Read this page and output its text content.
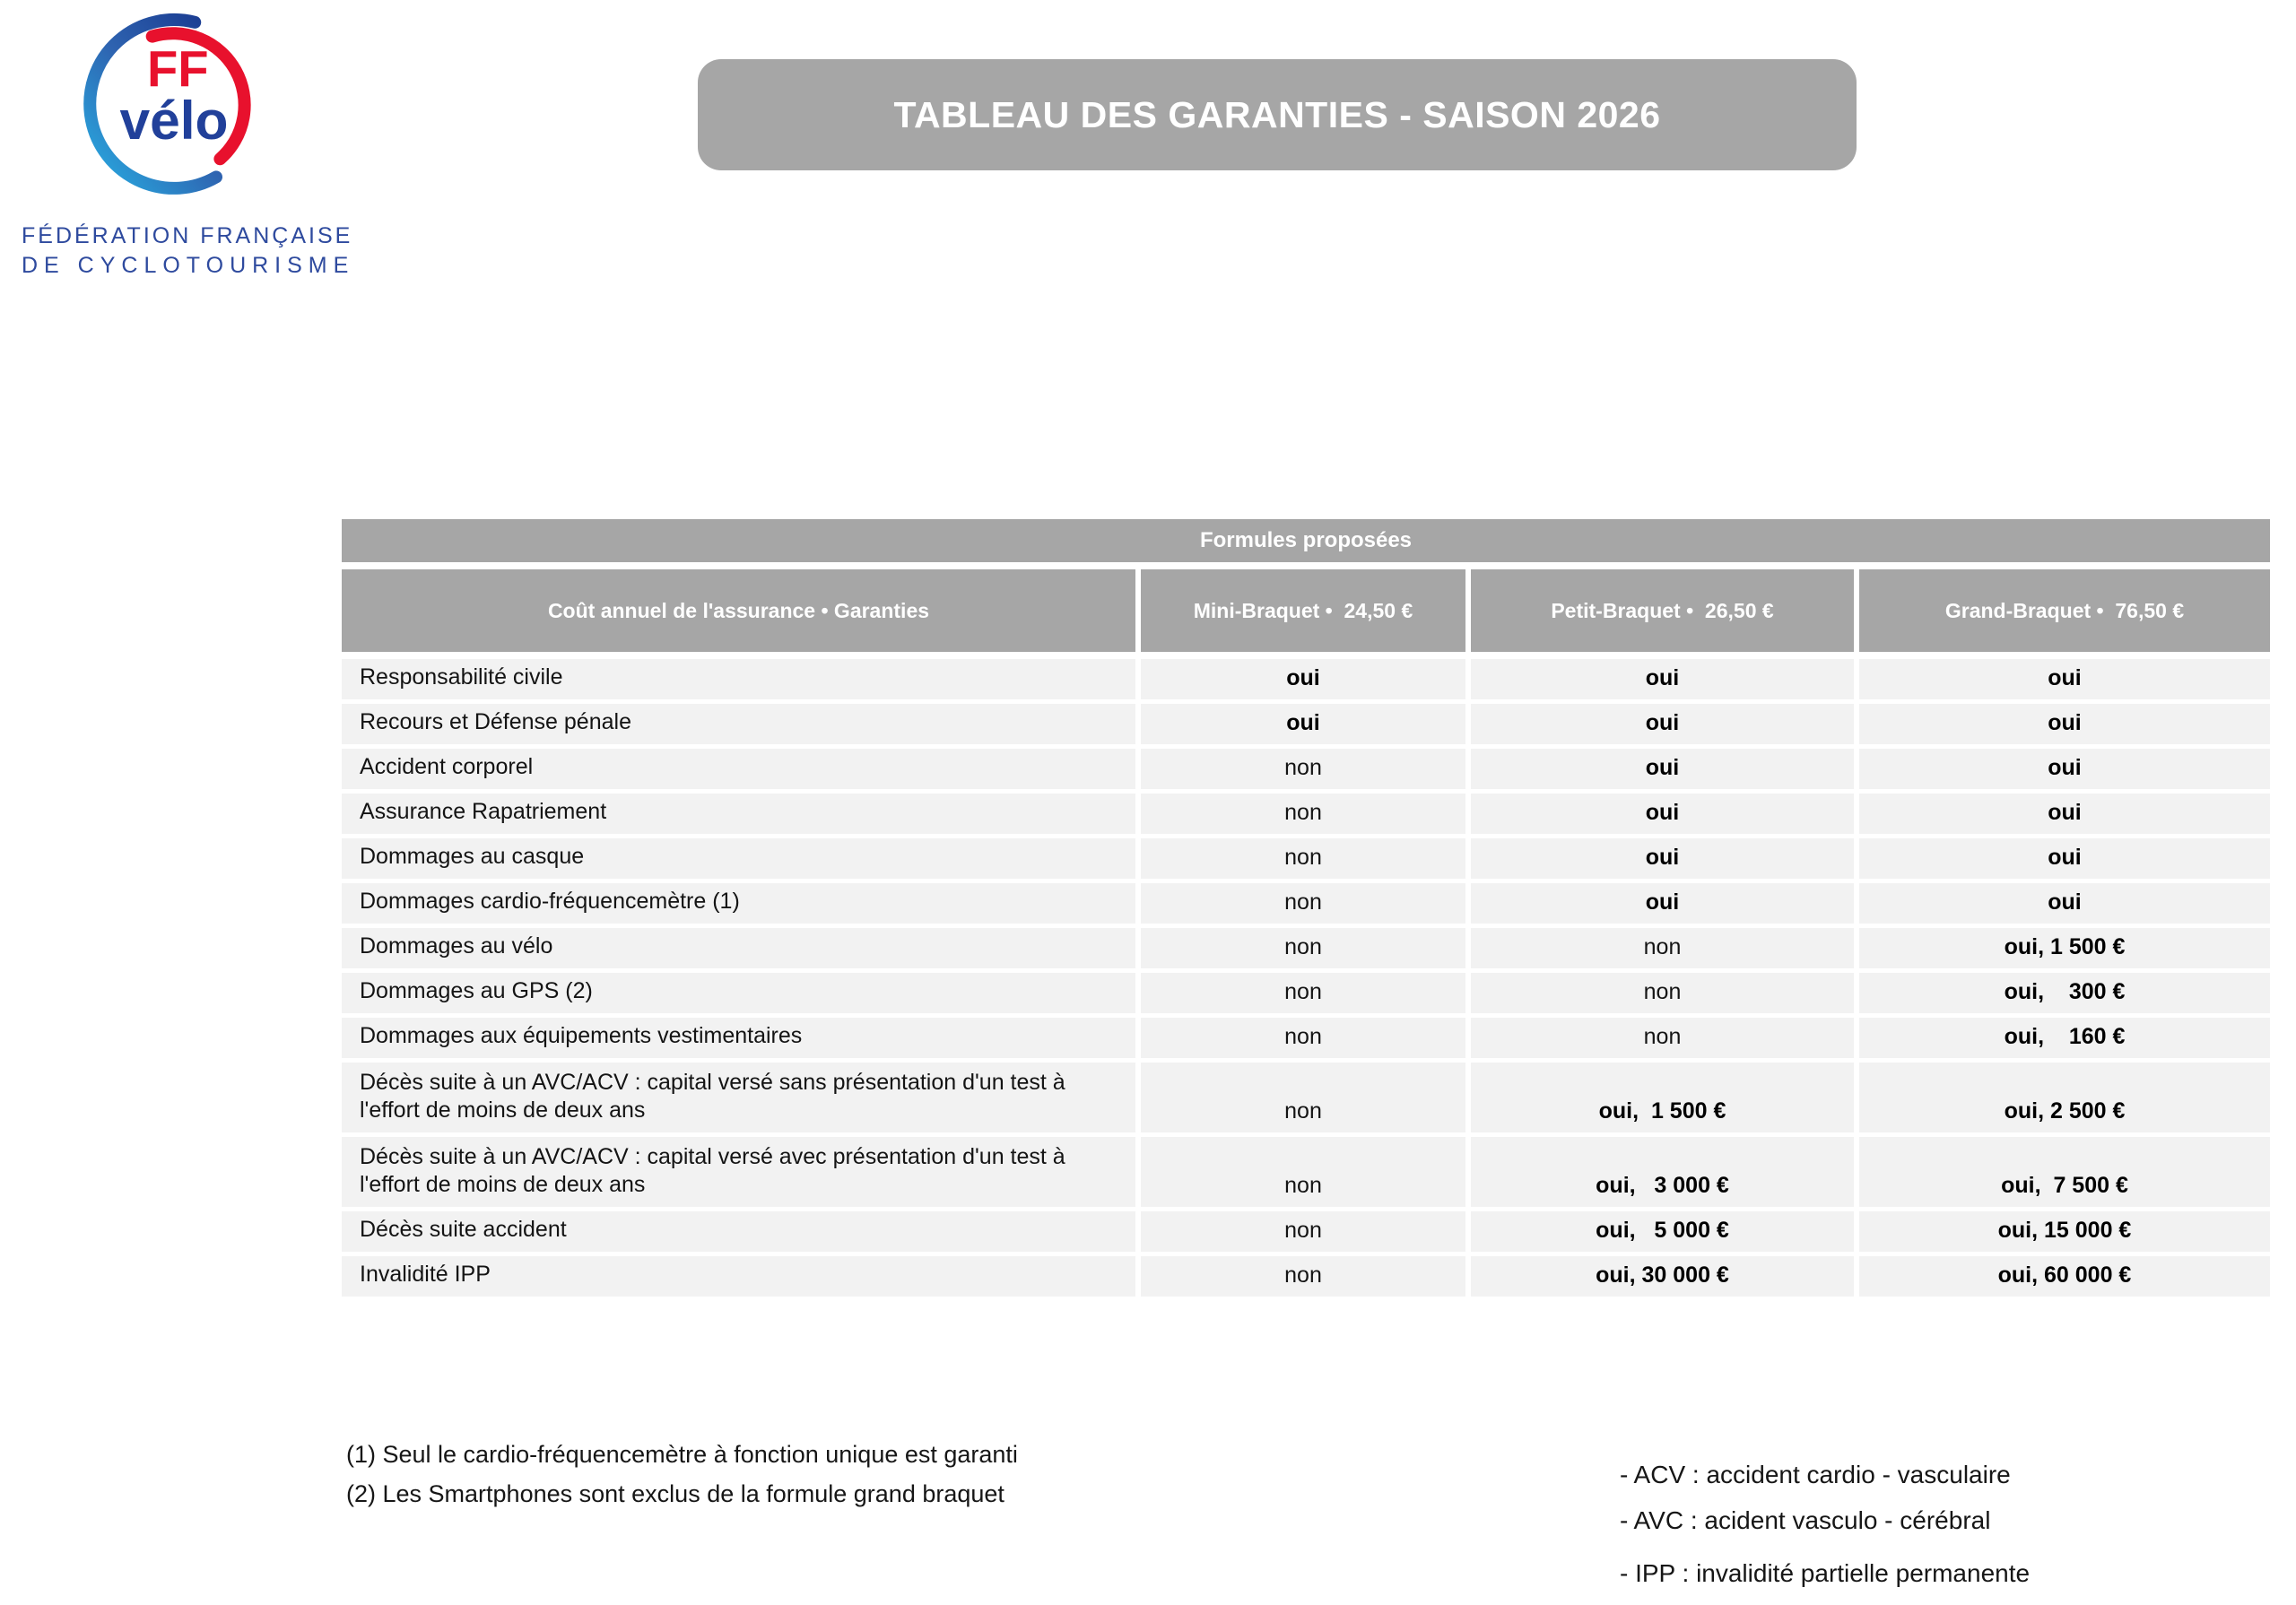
FF
vélo
FÉDÉRATION FRANÇAISE
DE CYCLOTOURISME
TABLEAU DES GARANTIES - SAISON 2026
Formules proposées
Coût annuel de l'assurance • Garanties	Mini-Braquet •  24,50 €	Petit-Braquet •  26,50 €	Grand-Braquet •  76,50 €
Responsabilité civile	oui	oui	oui
Recours et Défense pénale	oui	oui	oui
Accident corporel	non	oui	oui
Assurance Rapatriement	non	oui	oui
Dommages au casque	non	oui	oui
Dommages cardio-fréquencemètre (1)	non	oui	oui
Dommages au vélo	non	non	oui, 1 500 €
Dommages au GPS (2)	non	non	oui,    300 €
Dommages aux équipements vestimentaires	non	non	oui,    160 €
Décès suite à un AVC/ACV : capital versé sans présentation d'un test à l'effort de moins de deux ans	non	oui,  1 500 €	oui, 2 500 €
Décès suite à un AVC/ACV : capital versé avec présentation d'un test à l'effort de moins de deux ans	non	oui,   3 000 €	oui,  7 500 €
Décès suite accident	non	oui,   5 000 €	oui, 15 000 €
Invalidité IPP	non	oui, 30 000 €	oui, 60 000 €
(1) Seul le cardio-fréquencemètre à fonction unique est garanti
(2) Les Smartphones sont exclus de la formule grand braquet
- ACV : accident cardio - vasculaire
- AVC : acident vasculo - cérébral
- IPP : invalidité partielle permanente
